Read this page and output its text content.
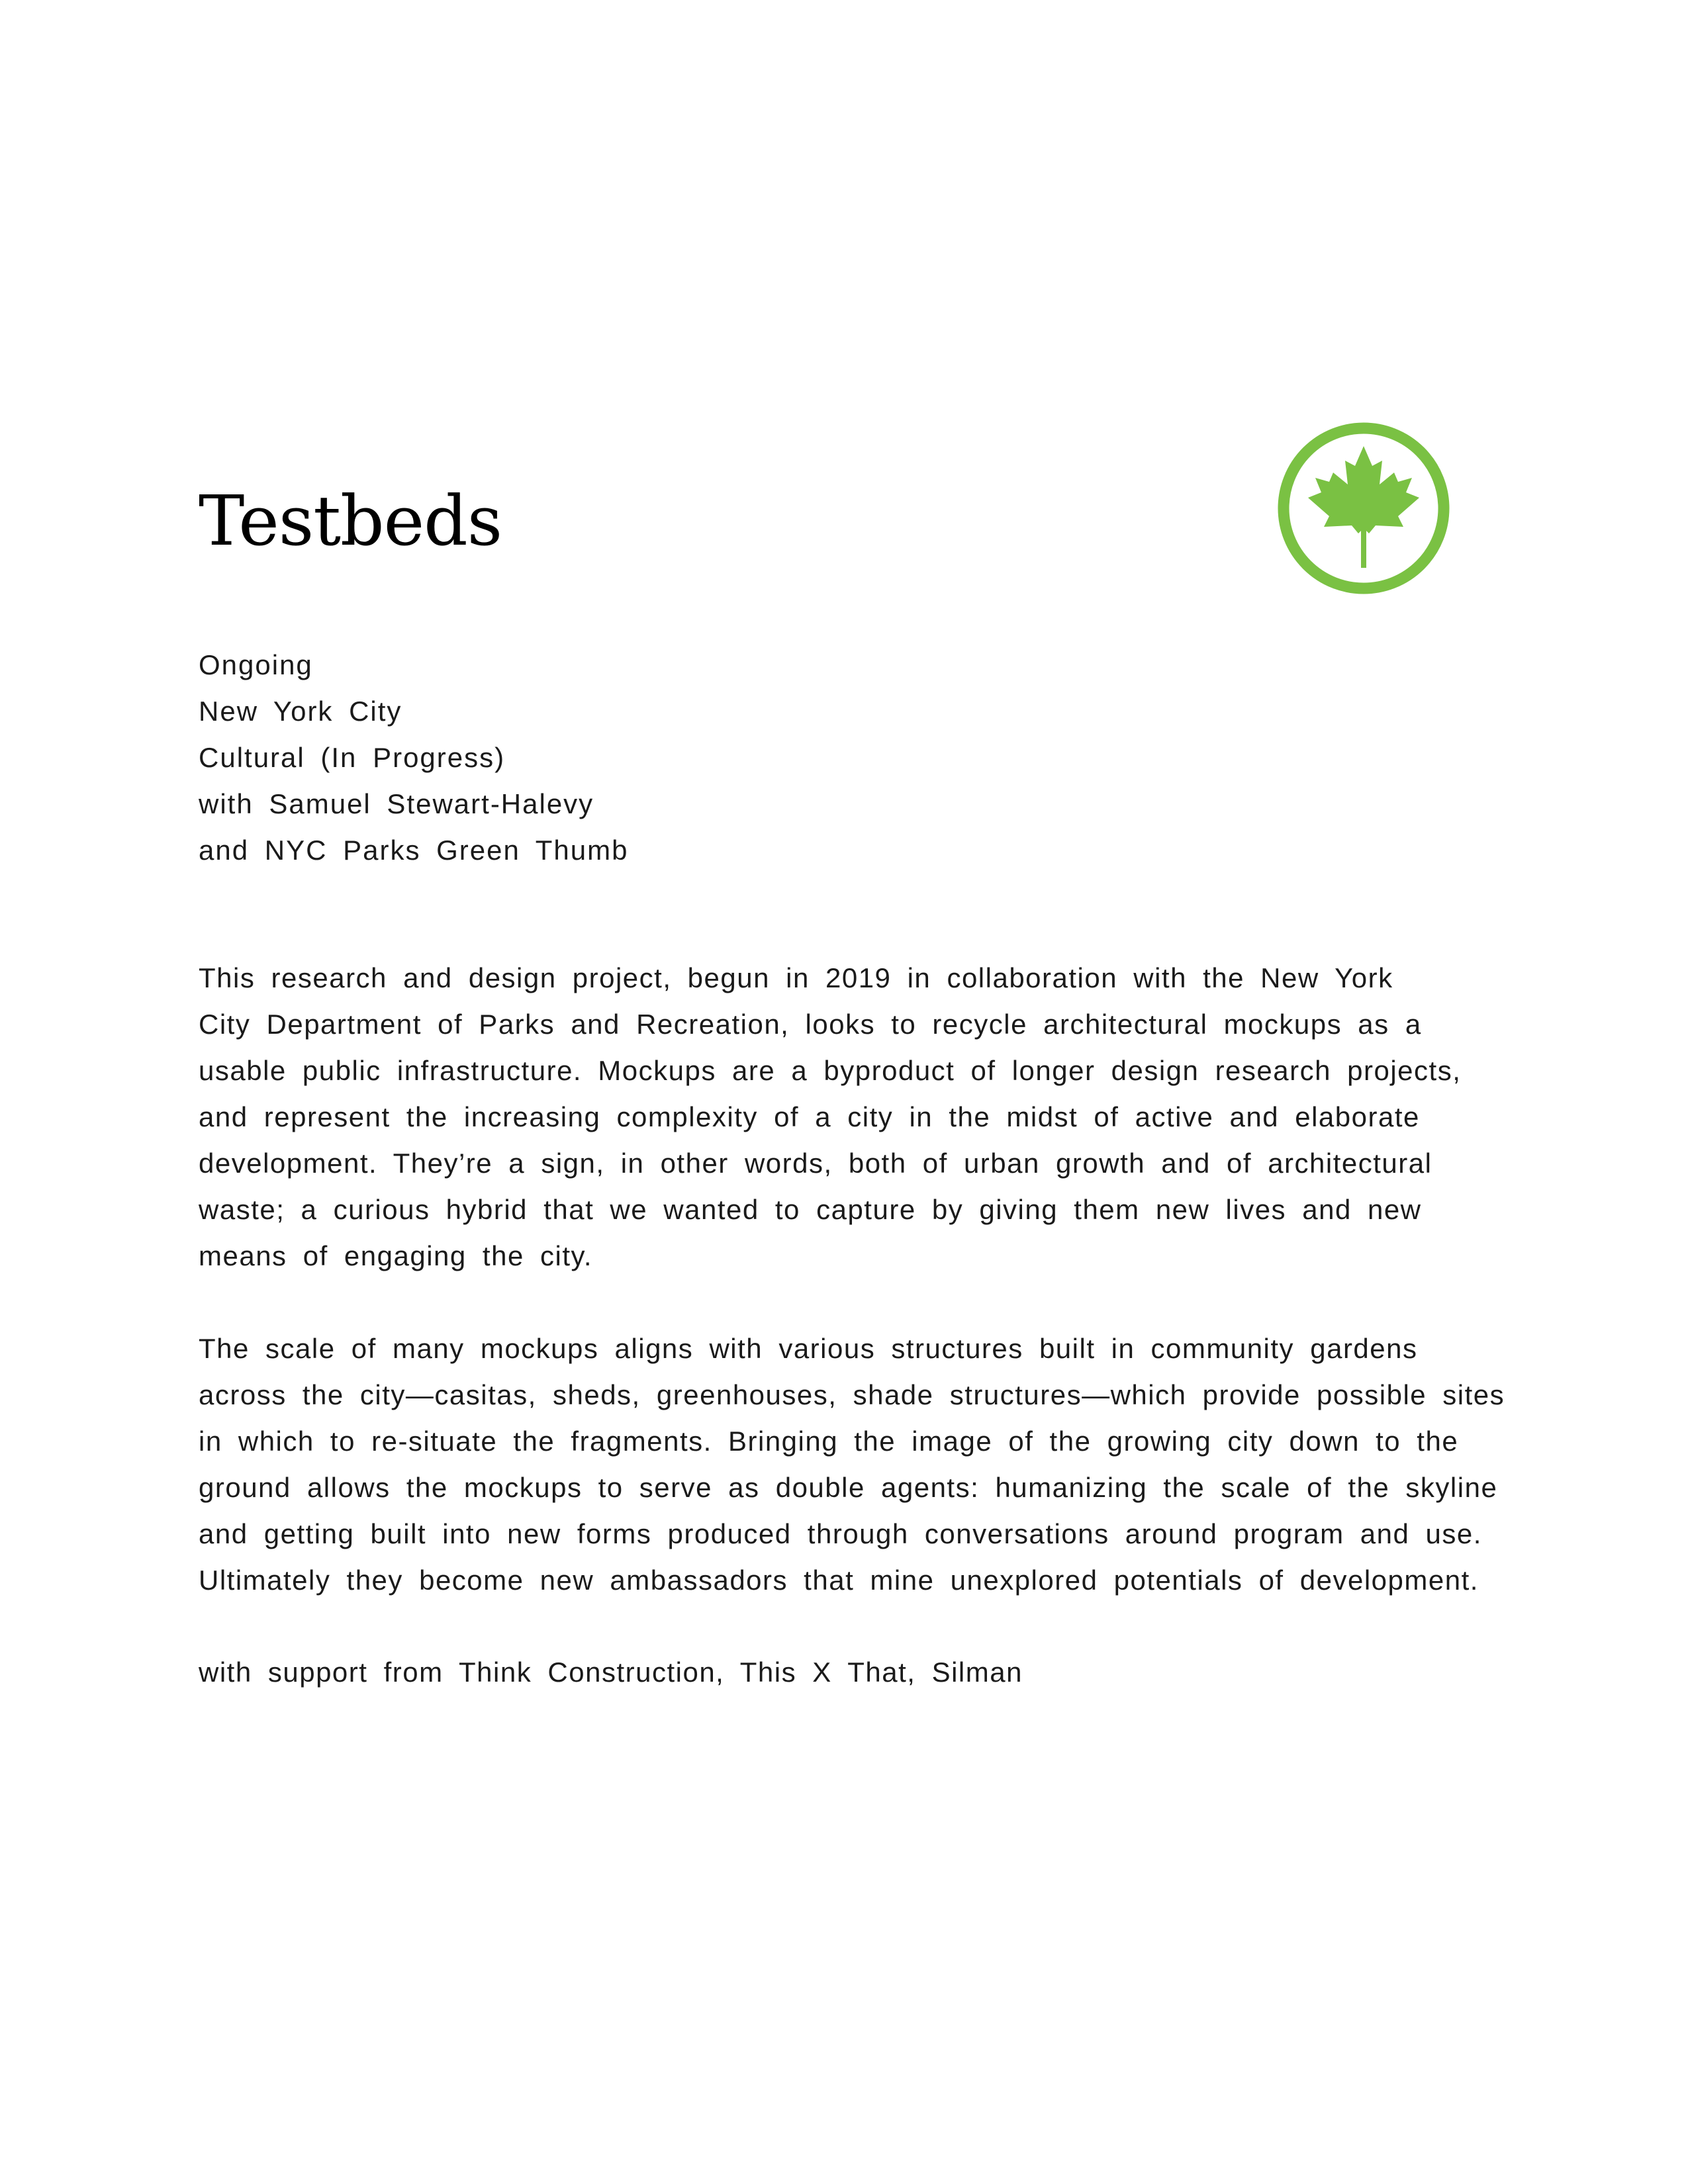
Testbeds
Ongoing
New York City
Cultural (In Progress)
with Samuel Stewart-Halevy
and NYC Parks Green Thumb
This research and design project, begun in 2019 in collaboration with the New York
City Department of Parks and Recreation, looks to recycle architectural mockups as a
usable public infrastructure. Mockups are a byproduct of longer design research projects,
and represent the increasing complexity of a city in the midst of active and elaborate
development. They’re a sign, in other words, both of urban growth and of architectural
waste; a curious hybrid that we wanted to capture by giving them new lives and new
means of engaging the city.
The scale of many mockups aligns with various structures built in community gardens
across the city—casitas, sheds, greenhouses, shade structures—which provide possible sites
in which to re-situate the fragments. Bringing the image of the growing city down to the
ground allows the mockups to serve as double agents: humanizing the scale of the skyline
and getting built into new forms produced through conversations around program and use.
Ultimately they become new ambassadors that mine unexplored potentials of development.
with support from Think Construction, This X That, Silman
